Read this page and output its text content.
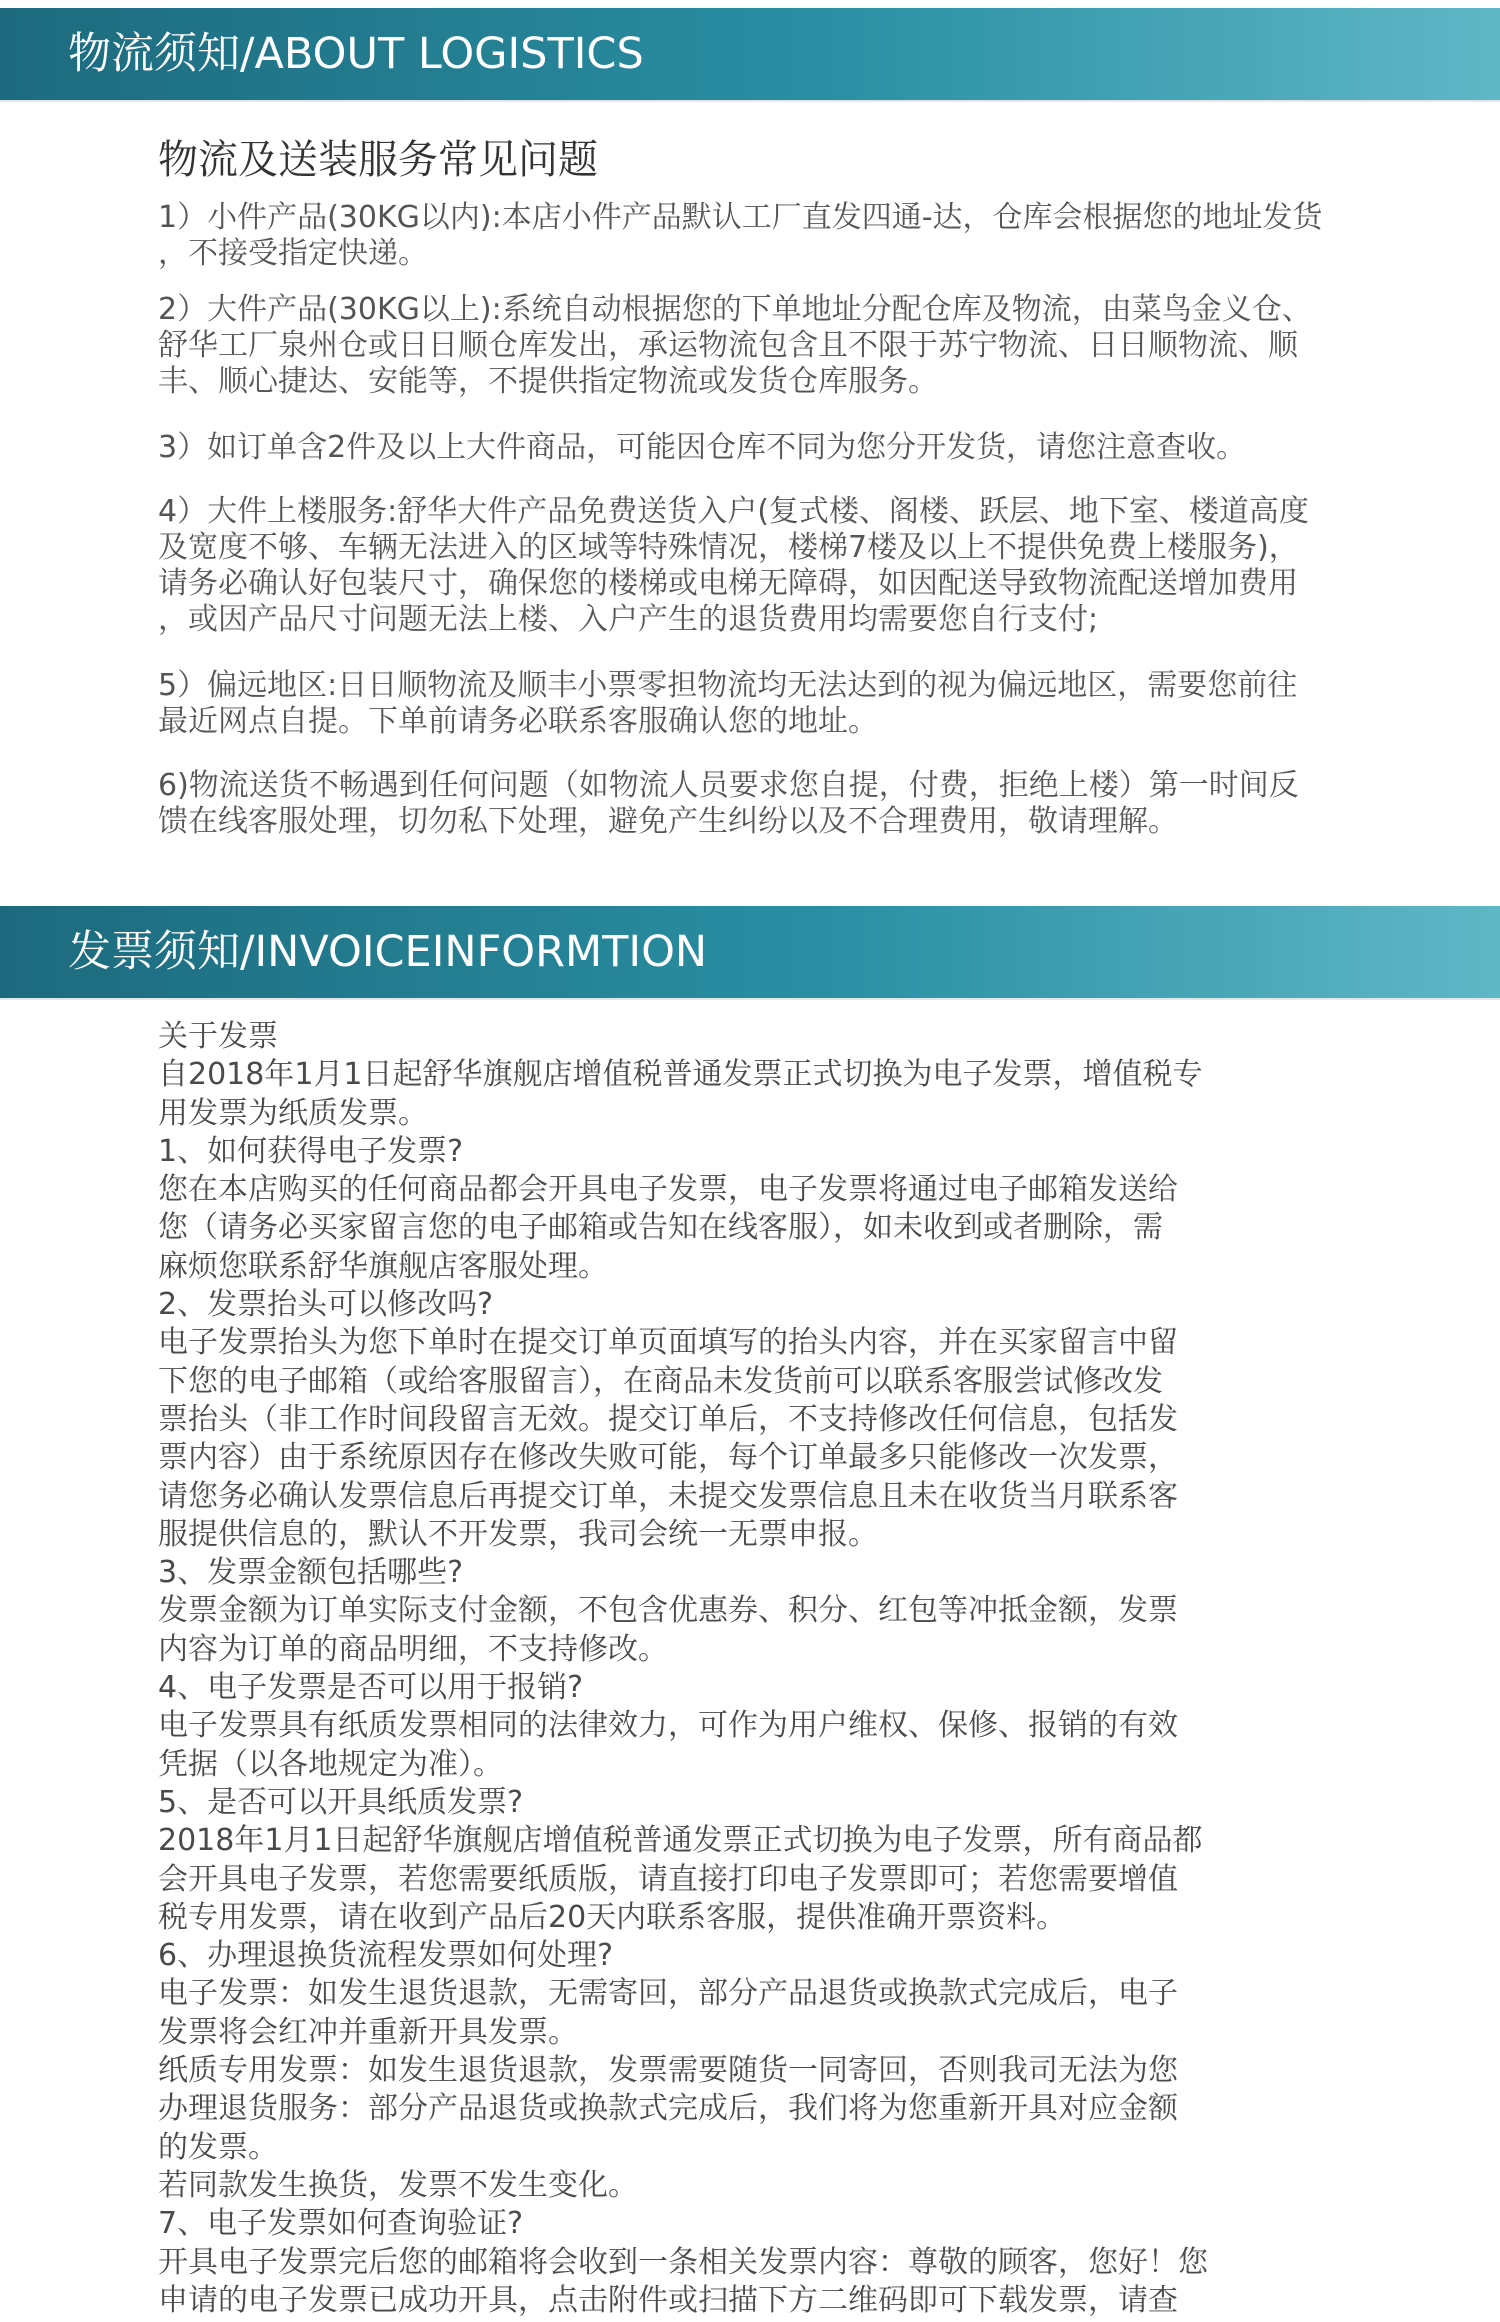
物流须知/ABOUT LOGISTICS
物流及送装服务常见问题

1）小件产品(30KG以内):本店小件产品默认工厂直发四通-达，仓库会根据您的地址发货
，不接受指定快递。

2）大件产品(30KG以上):系统自动根据您的下单地址分配仓库及物流，由菜鸟金义仓、
舒华工厂泉州仓或日日顺仓库发出，承运物流包含且不限于苏宁物流、日日顺物流、顺
丰、顺心捷达、安能等，不提供指定物流或发货仓库服务。

3）如订单含2件及以上大件商品，可能因仓库不同为您分开发货，请您注意查收。

4）大件上楼服务:舒华大件产品免费送货入户(复式楼、阁楼、跃层、地下室、楼道高度
及宽度不够、车辆无法进入的区域等特殊情况，楼梯7楼及以上不提供免费上楼服务)，
请务必确认好包装尺寸，确保您的楼梯或电梯无障碍，如因配送导致物流配送增加费用
，或因产品尺寸问题无法上楼、入户产生的退货费用均需要您自行支付;

5）偏远地区:日日顺物流及顺丰小票零担物流均无法达到的视为偏远地区，需要您前往
最近网点自提。下单前请务必联系客服确认您的地址。

6)物流送货不畅遇到任何问题（如物流人员要求您自提，付费，拒绝上楼）第一时间反
馈在线客服处理，切勿私下处理，避免产生纠纷以及不合理费用，敬请理解。

发票须知/INVOICEINFORMTION
关于发票
自2018年1月1日起舒华旗舰店增值税普通发票正式切换为电子发票，增值税专
用发票为纸质发票。
1、如何获得电子发票?
您在本店购买的任何商品都会开具电子发票，电子发票将通过电子邮箱发送给
您（请务必买家留言您的电子邮箱或告知在线客服），如未收到或者删除，需
麻烦您联系舒华旗舰店客服处理。
2、发票抬头可以修改吗?
电子发票抬头为您下单时在提交订单页面填写的抬头内容，并在买家留言中留
下您的电子邮箱（或给客服留言），在商品未发货前可以联系客服尝试修改发
票抬头（非工作时间段留言无效。提交订单后，不支持修改任何信息，包括发
票内容）由于系统原因存在修改失败可能，每个订单最多只能修改一次发票，
请您务必确认发票信息后再提交订单，未提交发票信息且未在收货当月联系客
服提供信息的，默认不开发票，我司会统一无票申报。
3、发票金额包括哪些?
发票金额为订单实际支付金额，不包含优惠券、积分、红包等冲抵金额，发票
内容为订单的商品明细，不支持修改。
4、电子发票是否可以用于报销?
电子发票具有纸质发票相同的法律效力，可作为用户维权、保修、报销的有效
凭据（以各地规定为准）。
5、是否可以开具纸质发票?
2018年1月1日起舒华旗舰店增值税普通发票正式切换为电子发票，所有商品都
会开具电子发票，若您需要纸质版，请直接打印电子发票即可；若您需要增值
税专用发票，请在收到产品后20天内联系客服，提供准确开票资料。
6、办理退换货流程发票如何处理?
电子发票：如发生退货退款，无需寄回，部分产品退货或换款式完成后，电子
发票将会红冲并重新开具发票。
纸质专用发票：如发生退货退款，发票需要随货一同寄回，否则我司无法为您
办理退货服务：部分产品退货或换款式完成后，我们将为您重新开具对应金额
的发票。
若同款发生换货，发票不发生变化。
7、电子发票如何查询验证?
开具电子发票完后您的邮箱将会收到一条相关发票内容：尊敬的顾客，您好！您
申请的电子发票已成功开具，点击附件或扫描下方二维码即可下载发票，请查
